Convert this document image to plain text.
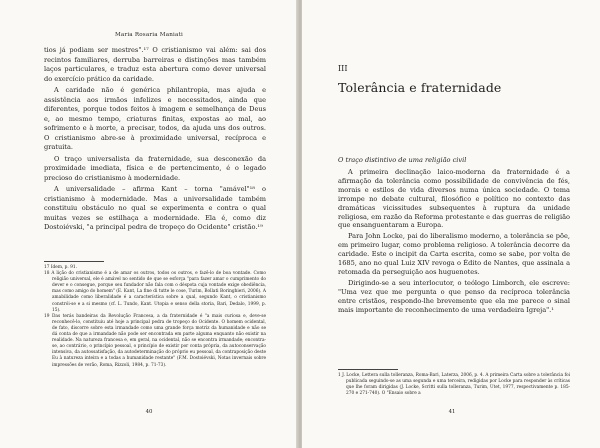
Maria Rosaria Maniati

tios já podiam ser mestres".¹⁷ O cristianismo vai além: sai dos recintos familiares, derruba barreiras e distinções mas também laços particulares, e traduz esta abertura como dever universal do exercício prático da caridade.

A caridade não é genérica philantropia, mas ajuda e assistência aos irmãos infelizes e necessitados, ainda que diferentes, porque todos feitos à imagem e semelhança de Deus e, ao mesmo tempo, criaturas finitas, expostas ao mal, ao sofrimento e à morte, a precisar, todos, da ajuda uns dos outros. O cristianismo abre-se à proximidade universal, recíproca e gratuita.

O traço universalista da fraternidade, sua desconexão da proximidade imediata, física e de pertencimento, é o legado precioso do cristianismo à modernidade.

A universalidade – afirma Kant – torna "amável"¹⁸ o cristianismo à modernidade. Mas a universalidade também constituiu obstáculo no qual se experimenta e contra o qual muitas vezes se estilhaça a modernidade. Ela é, como diz Dostoiévski, "a principal pedra de tropeço do Ocidente" cristão.¹⁹

17 Idem, p. 91.

18 A lição do cristianismo é a de amar os outros, todos os outros, e fazê-lo de boa vontade. Como religião universal, ele é amável no sentido de que se esforça "para fazer amar o cumprimento do dever e o consegue, porque seu fundador não fala com o déspota cuja vontade exige obediência, mas como amigo do homem" (E. Kant, La fine di tutte le cose, Turim, Bollati Boringhieri, 2006). A amabilidade como liberalidade é a característica sobre a qual, segundo Kant, o cristianismo constrói-se e a si mesmo (cf. L. Tundo, Kant. Utopia e senso della storia, Bari, Dedalo, 1999, p. 15).

19 Das terás bandeiras da Revolução Francesa, a da fraternidade é "a mais curiosa e, deve-se reconhecê-lo, constituiu até hoje a principal pedra de tropeço do Ocidente. O homem ocidental, de fato, discorre sobre esta irmandade como uma grande força motriz da humanidade e não se dá conta de que a irmandade não pode ser encontrada em parte alguma enquanto não existir na realidade. Na natureza francesa e, em geral, na ocidental, não se encontra irmandade; encontra-se, ao contrário, o princípio pessoal, o princípio de existir por conta própria, da autoconservação intensiva, da autossatisfação, da autodeterminação do próprio eu pessoal, da contraposição deste Eu à natureza inteira e a todas a humanidade restante" (F.M. Dostoiévski, Notas invernais sobre impressões de verão, Roma, Rizzoli, 1984, p. 71-73).

40
III
Tolerância e fraternidade
O traço distintivo de uma religião civil

A primeira declinação laico-moderna da fraternidade é a afirmação da tolerância como possibilidade de convivência de fés, morais e estilos de vida diversos numa única sociedade. O tema irrompe no debate cultural, filosófico e político no contexto das dramáticas vicissitudes subsequentes à ruptura da unidade religiosa, em razão da Reforma protestante e das guerras de religião que ensanguentaram a Europa.

Para John Locke, pai do liberalismo moderno, a tolerância se põe, em primeiro lugar, como problema religioso. A tolerância decorre da caridade. Este o incipit da Carta escrita, como se sabe, por volta de 1685, ano no qual Luiz XIV revoga o Édito de Nantes, que assinala a retomada da perseguição aos huguenotes.

Dirigindo-se a seu interlocutor, o teólogo Limborch, ele escreve: "Uma vez que me pergunta o que penso da recíproca tolerância entre cristãos, respondo-lhe brevemente que ela me parece o sinal mais importante de reconhecimento de uma verdadeira Igreja".¹

1 J. Locke, Lettera sulla tolleranza, Roma-Bari, Laterza, 2006, p. 4. A primeira Carta sobre a tolerância foi publicada seguindo-se as uma segunda e uma terceira, redigidas por Locke para responder às críticas que lhe foram dirigidas (J. Locke, Scritti sulla tolleranza, Turim, Utet, 1977, respectivamente p. 185-270 e 271-740). O "Ensaio sobre a

41
